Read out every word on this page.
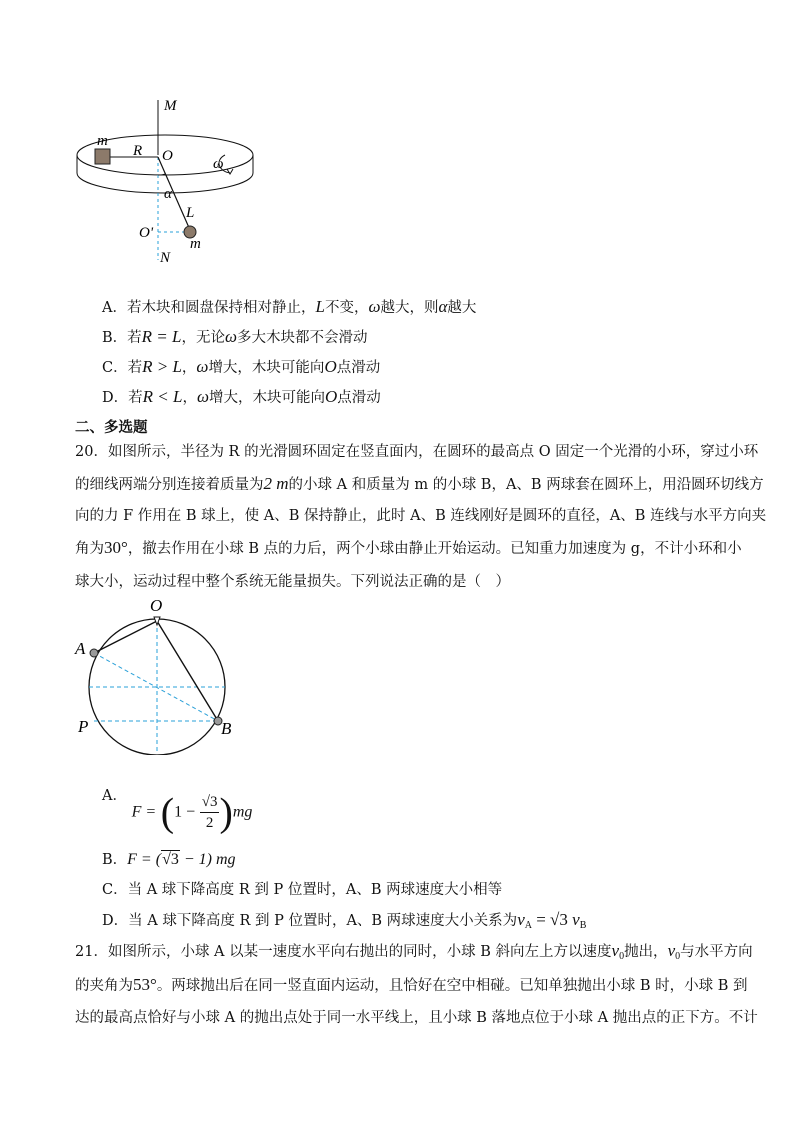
M
m
R O	ω
α
L
O'
m
N
A．若木块和圆盘保持相对静止，L不变，ω越大，则α越大
B．若R = L，无论ω多大木块都不会滑动
C．若R > L，ω增大，木块可能向O点滑动
D．若R < L，ω增大，木块可能向O点滑动
二、多选题
20．如图所示，半径为 R 的光滑圆环固定在竖直面内，在圆环的最高点 O 固定一个光滑的小环，穿过小环
的细线两端分别连接着质量为2 m的小球 A 和质量为 m 的小球 B，A、B 两球套在圆环上，用沿圆环切线方
向的力 F 作用在 B 球上，使 A、B 保持静止，此时 A、B 连线刚好是圆环的直径，A、B 连线与水平方向夹
角为30°，撤去作用在小球 B 点的力后，两个小球由静止开始运动。已知重力加速度为 g，不计小环和小
球大小，运动过程中整个系统无能量损失。下列说法正确的是（　）
O
A
P	B
A． $F = (1 - \frac{√3}{2} )mg$
B．F = (√3 − 1) mg
C．当 A 球下降高度 R 到 P 位置时，A、B 两球速度大小相等
D．当 A 球下降高度 R 到 P 位置时，A、B 两球速度大小关系为$v_A = √3$ $v_B$
21．如图所示，小球 A 以某一速度水平向右抛出的同时，小球 B 斜向左上方以速度$v_0$抛出，$v_0$与水平方向
的夹角为53°。两球抛出后在同一竖直面内运动，且恰好在空中相碰。已知单独抛出小球 B 时，小球 B 到
达的最高点恰好与小球 A 的抛出点处于同一水平线上，且小球 B 落地点位于小球 A 抛出点的正下方。不计
